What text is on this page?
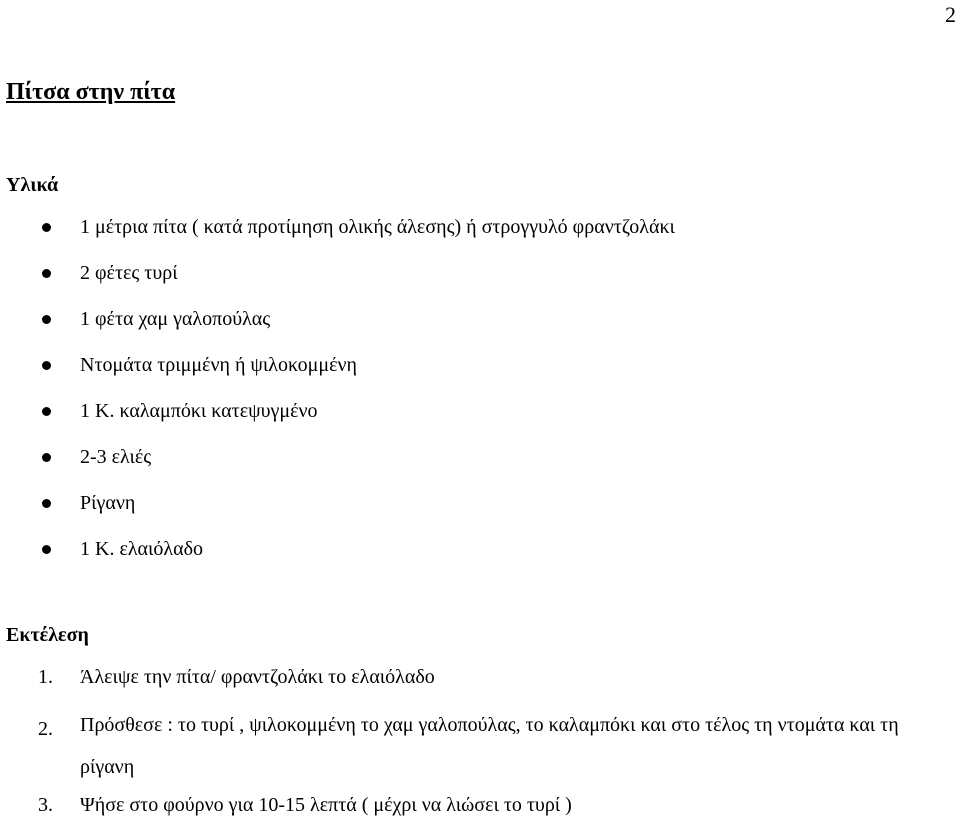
2
Πίτσα στην πίτα
Υλικά
1 μέτρια πίτα ( κατά προτίμηση ολικής άλεσης) ή στρογγυλό φραντζολάκι
2 φέτες τυρί
1 φέτα χαμ γαλοπούλας
Ντομάτα τριμμένη ή ψιλοκομμένη
1 Κ. καλαμπόκι κατεψυγμένο
2-3 ελιές
Ρίγανη
1 Κ. ελαιόλαδο
Εκτέλεση
1. Άλειψε την πίτα/ φραντζολάκι το ελαιόλαδο
2. Πρόσθεσε : το τυρί , ψιλοκομμένη το χαμ γαλοπούλας, το καλαμπόκι και στο τέλος τη ντομάτα και τη ρίγανη
3. Ψήσε στο φούρνο για 10-15 λεπτά ( μέχρι να λιώσει το τυρί )
